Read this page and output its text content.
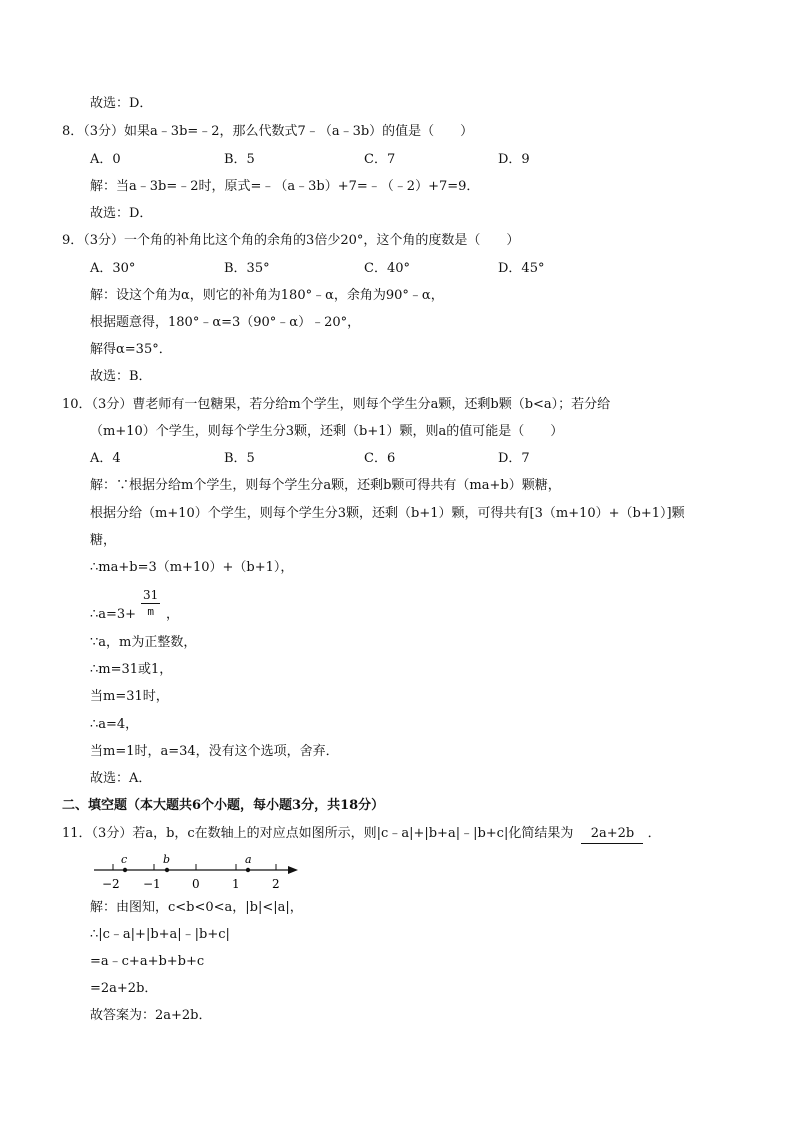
故选：D．
8．（3分）如果a﹣3b=﹣2，那么代数式7﹣（a﹣3b）的值是（　　）
A．0	B．5	C．7	D．9
解：当a﹣3b=﹣2时，原式=﹣（a﹣3b）+7=﹣（﹣2）+7=9．
故选：D．
9．（3分）一个角的补角比这个角的余角的3倍少20°，这个角的度数是（　　）
A．30°	B．35°	C．40°	D．45°
解：设这个角为α，则它的补角为180°﹣α，余角为90°﹣α，
根据题意得，180°﹣α=3（90°﹣α）﹣20°，
解得α=35°．
故选：B．
10．（3分）曹老师有一包糖果，若分给m个学生，则每个学生分a颗，还剩b颗（b<a）；若分给
（m+10）个学生，则每个学生分3颗，还剩（b+1）颗，则a的值可能是（　　）
A．4	B．5	C．6	D．7
解：∵根据分给m个学生，则每个学生分a颗，还剩b颗可得共有（ma+b）颗糖，
根据分给（m+10）个学生，则每个学生分3颗，还剩（b+1）颗，可得共有[3（m+10）+（b+1）]颗
糖，
∴ma+b=3（m+10）+（b+1），
∴a=3+ $\frac{31}{m}$ ，
∵a，m为正整数，
∴m=31或1，
当m=31时，
∴a=4，
当m=1时，a=34，没有这个选项，舍弃．
故选：A．
二、填空题（本大题共6个小题，每小题3分，共18分）
11．（3分）若a，b，c在数轴上的对应点如图所示，则|c﹣a|+|b+a|﹣|b+c|化简结果为 2a+2b ．
c	b	a
−2 −1	0	1	2
解：由图知，c<b<0<a，|b|<|a|，
∴|c﹣a|+|b+a|﹣|b+c|
=a﹣c+a+b+b+c
=2a+2b．
故答案为：2a+2b．
